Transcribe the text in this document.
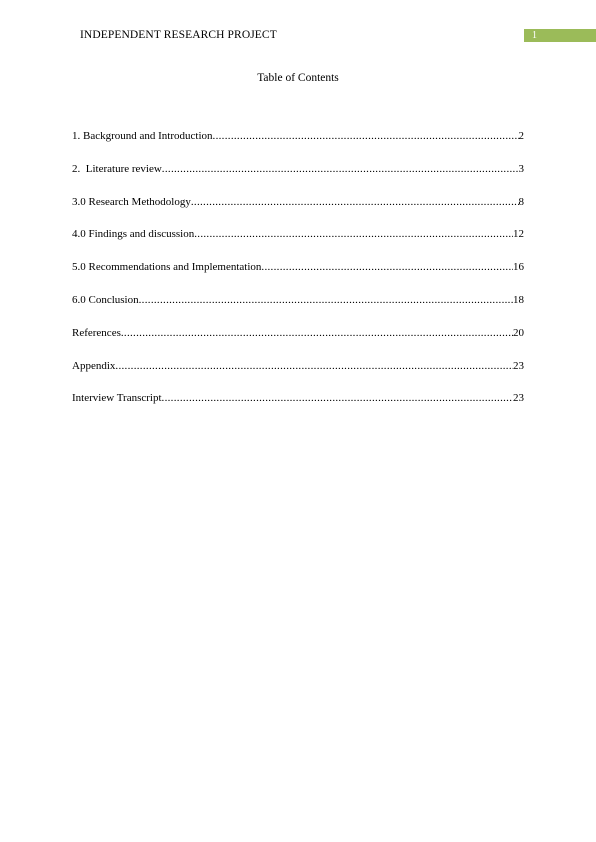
INDEPENDENT RESEARCH PROJECT	1
Table of Contents
1. Background and Introduction .....	2
2.  Literature review .....	3
3.0 Research Methodology .....	8
4.0 Findings and discussion .....	12
5.0 Recommendations and Implementation .....	16
6.0 Conclusion .....	18
References .....	20
Appendix .....	23
Interview Transcript .....	23
